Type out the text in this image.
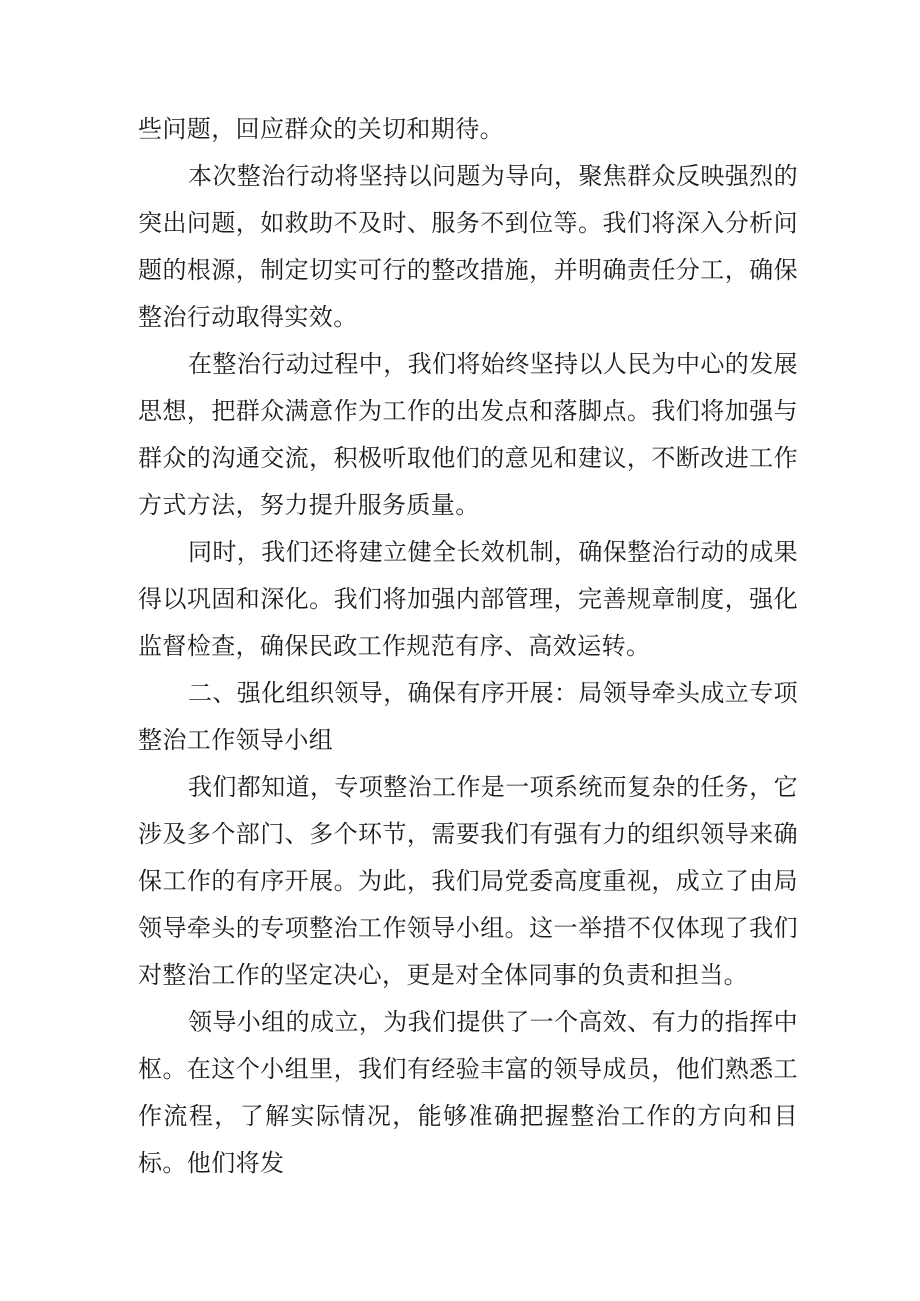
些问题，回应群众的关切和期待。

本次整治行动将坚持以问题为导向，聚焦群众反映强烈的突出问题，如救助不及时、服务不到位等。我们将深入分析问题的根源，制定切实可行的整改措施，并明确责任分工，确保整治行动取得实效。

在整治行动过程中，我们将始终坚持以人民为中心的发展思想，把群众满意作为工作的出发点和落脚点。我们将加强与群众的沟通交流，积极听取他们的意见和建议，不断改进工作方式方法，努力提升服务质量。

同时，我们还将建立健全长效机制，确保整治行动的成果得以巩固和深化。我们将加强内部管理，完善规章制度，强化监督检查，确保民政工作规范有序、高效运转。

二、强化组织领导，确保有序开展：局领导牵头成立专项整治工作领导小组

我们都知道，专项整治工作是一项系统而复杂的任务，它涉及多个部门、多个环节，需要我们有强有力的组织领导来确保工作的有序开展。为此，我们局党委高度重视，成立了由局领导牵头的专项整治工作领导小组。这一举措不仅体现了我们对整治工作的坚定决心，更是对全体同事的负责和担当。

领导小组的成立，为我们提供了一个高效、有力的指挥中枢。在这个小组里，我们有经验丰富的领导成员，他们熟悉工作流程，了解实际情况，能够准确把握整治工作的方向和目标。他们将发
